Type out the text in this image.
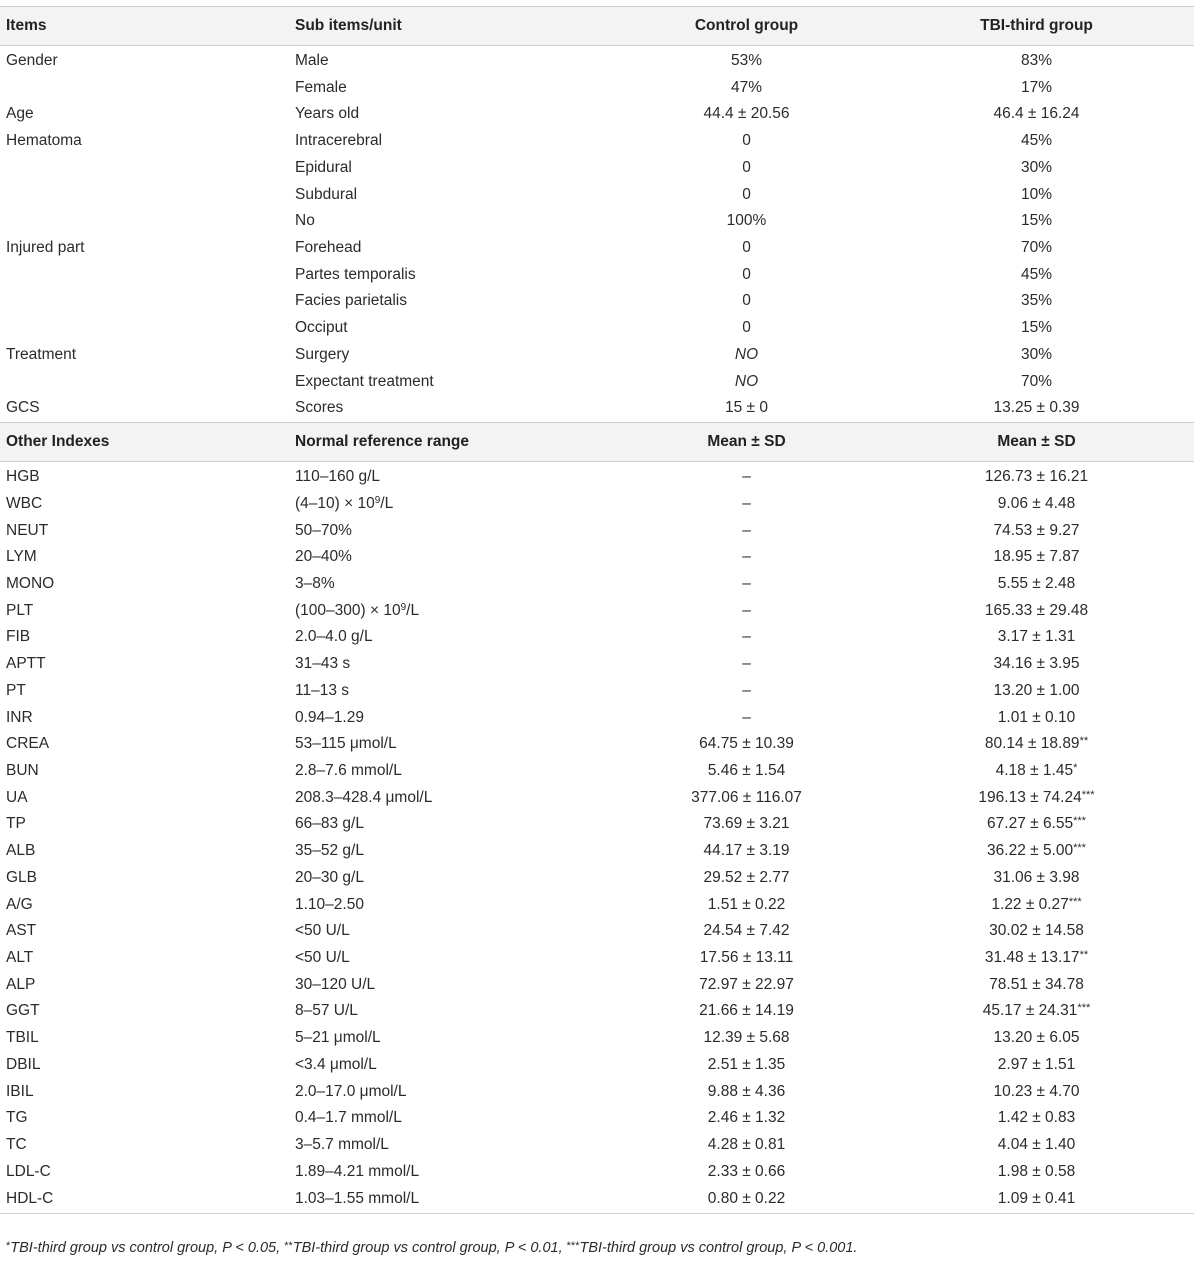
Items	Sub items/unit	Control group	TBI-third group
Gender	Male	53%	83%
	Female	47%	17%
Age	Years old	44.4 ± 20.56	46.4 ± 16.24
Hematoma	Intracerebral	0	45%
	Epidural	0	30%
	Subdural	0	10%
	No	100%	15%
Injured part	Forehead	0	70%
	Partes temporalis	0	45%
	Facies parietalis	0	35%
	Occiput	0	15%
Treatment	Surgery	NO	30%
	Expectant treatment	NO	70%
GCS	Scores	15 ± 0	13.25 ± 0.39
Other Indexes	Normal reference range	Mean ± SD	Mean ± SD
HGB	110–160 g/L	–	126.73 ± 16.21
WBC	$(4-10) \times 10^9/L$	–	9.06 ± 4.48
NEUT	50–70%	–	74.53 ± 9.27
LYM	20–40%	–	18.95 ± 7.87
MONO	3–8%	–	5.55 ± 2.48
PLT	$(100-300) \times 10^9/L$	–	165.33 ± 29.48
FIB	2.0–4.0 g/L	–	3.17 ± 1.31
APTT	31–43 s	–	34.16 ± 3.95
PT	11–13 s	–	13.20 ± 1.00
INR	0.94–1.29	–	1.01 ± 0.10
CREA	53–115 μmol/L	64.75 ± 10.39	80.14 ± 18.89**
BUN	2.8–7.6 mmol/L	5.46 ± 1.54	4.18 ± 1.45*
UA	208.3–428.4 μmol/L	377.06 ± 116.07	196.13 ± 74.24***
TP	66–83 g/L	73.69 ± 3.21	67.27 ± 6.55***
ALB	35–52 g/L	44.17 ± 3.19	36.22 ± 5.00***
GLB	20–30 g/L	29.52 ± 2.77	31.06 ± 3.98
A/G	1.10–2.50	1.51 ± 0.22	1.22 ± 0.27***
AST	<50 U/L	24.54 ± 7.42	30.02 ± 14.58
ALT	<50 U/L	17.56 ± 13.11	31.48 ± 13.17**
ALP	30–120 U/L	72.97 ± 22.97	78.51 ± 34.78
GGT	8–57 U/L	21.66 ± 14.19	45.17 ± 24.31***
TBIL	5–21 μmol/L	12.39 ± 5.68	13.20 ± 6.05
DBIL	<3.4 μmol/L	2.51 ± 1.35	2.97 ± 1.51
IBIL	2.0–17.0 μmol/L	9.88 ± 4.36	10.23 ± 4.70
TG	0.4–1.7 mmol/L	2.46 ± 1.32	1.42 ± 0.83
TC	3–5.7 mmol/L	4.28 ± 0.81	4.04 ± 1.40
LDL-C	1.89–4.21 mmol/L	2.33 ± 0.66	1.98 ± 0.58
HDL-C	1.03–1.55 mmol/L	0.80 ± 0.22	1.09 ± 0.41
*TBI-third group vs control group, P < 0.05, **TBI-third group vs control group, P < 0.01, ***TBI-third group vs control group, P < 0.001.
